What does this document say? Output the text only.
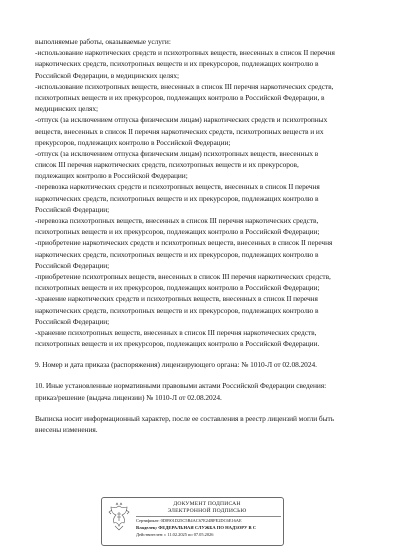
выполняемые работы, оказываемые услуги:
-использование наркотических средств и психотропных веществ, внесенных в список II перечня
наркотических средств, психотропных веществ и их прекурсоров, подлежащих контролю в
Российской Федерации, в медицинских целях;
-использование психотропных веществ, внесенных в список III перечня наркотических средств,
психотропных веществ и их прекурсоров, подлежащих контролю в Российской Федерации, в
медицинских целях;
-отпуск (за исключением отпуска физическим лицам) наркотических средств и психотропных
веществ, внесенных в список II перечня наркотических средств, психотропных веществ и их
прекурсоров, подлежащих контролю в Российской Федерации;
-отпуск (за исключением отпуска физическим лицам) психотропных веществ, внесенных в
список III перечня наркотических средств, психотропных веществ и их прекурсоров,
подлежащих контролю в Российской Федерации;
-перевозка наркотических средств и психотропных веществ, внесенных в список II перечня
наркотических средств, психотропных веществ и их прекурсоров, подлежащих контролю в
Российской Федерации;
-перевозка психотропных веществ, внесенных в список III перечня наркотических средств,
психотропных веществ и их прекурсоров, подлежащих контролю в Российской Федерации;
-приобретение наркотических средств и психотропных веществ, внесенных в список II перечня
наркотических средств, психотропных веществ и их прекурсоров, подлежащих контролю в
Российской Федерации;
-приобретение психотропных веществ, внесенных в список III перечня наркотических средств,
психотропных веществ и их прекурсоров, подлежащих контролю в Российской Федерации;
-хранение наркотических средств и психотропных веществ, внесенных в список II перечня
наркотических средств, психотропных веществ и их прекурсоров, подлежащих контролю в
Российской Федерации;
-хранение психотропных веществ, внесенных в список III перечня наркотических средств,
психотропных веществ и их прекурсоров, подлежащих контролю в Российской Федерации.
9. Номер и дата приказа (распоряжения) лицензирующего органа: № 1010-Л от 02.08.2024.
10. Иные установленные нормативными правовыми актами Российской Федерации сведения:
приказ/решение (выдача лицензии) № 1010-Л от 02.08.2024.
Выписка носит информационный характер, после ее составления в реестр лицензий могли быть
внесены изменения.
ДОКУМЕНТ ПОДПИСАН
ЭЛЕКТРОННОЙ ПОДПИСЬЮ
Сертификат: 0D8901D25C5B4AC67E24BFE2DC6E16AE
Владелец: ФЕДЕРАЛЬНАЯ СЛУЖБА ПО НАДЗОРУ В С
Действителен: с 11.02.2025 по 07.05.2026
